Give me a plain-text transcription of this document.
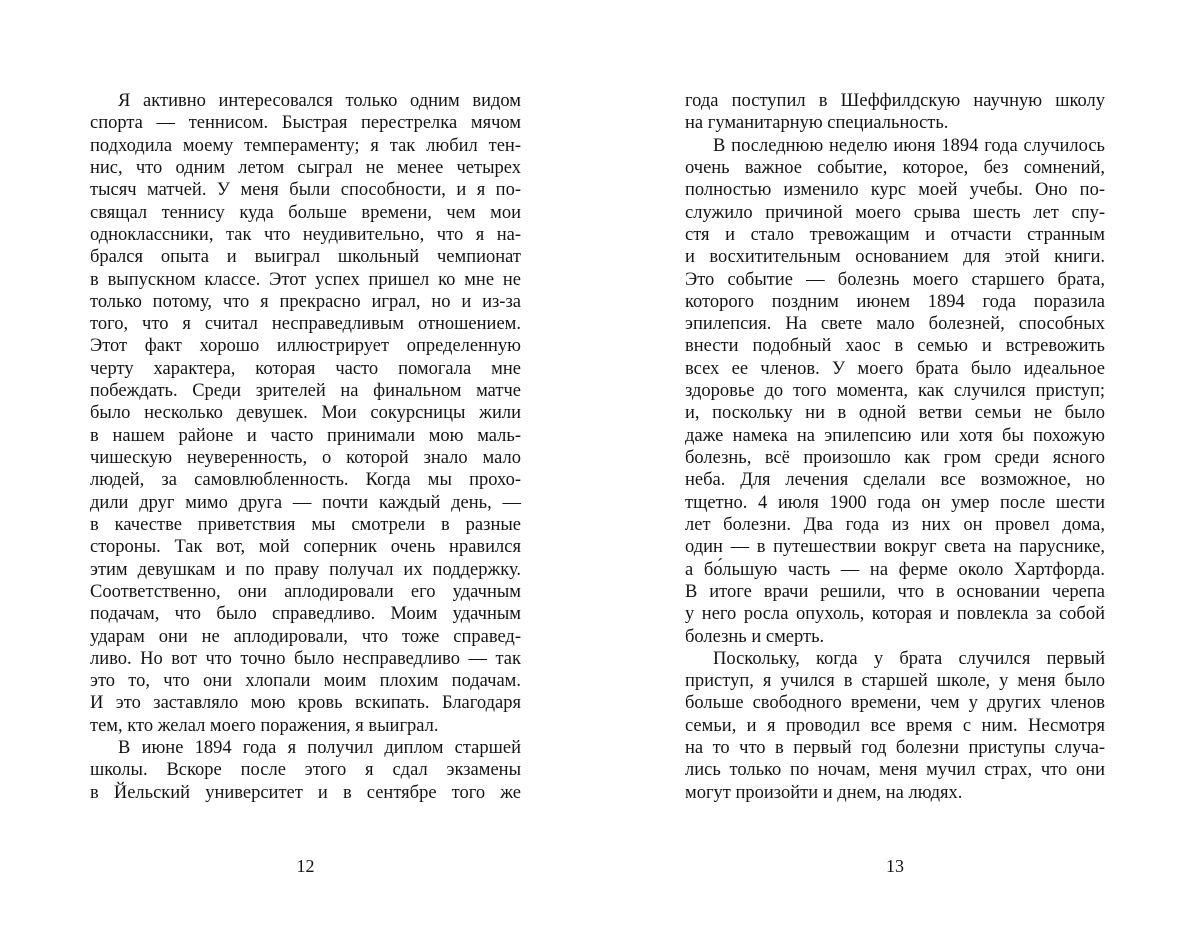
Я активно интересовался только одним видом
спорта — теннисом. Быстрая перестрелка мячом
подходила моему темпераменту; я так любил тен-
нис, что одним летом сыграл не менее четырех
тысяч матчей. У меня были способности, и я по-
свящал теннису куда больше времени, чем мои
одноклассники, так что неудивительно, что я на-
брался опыта и выиграл школьный чемпионат
в выпускном классе. Этот успех пришел ко мне не
только потому, что я прекрасно играл, но и из-за
того, что я считал несправедливым отношением.
Этот факт хорошо иллюстрирует определенную
черту характера, которая часто помогала мне
побеждать. Среди зрителей на финальном матче
было несколько девушек. Мои сокурсницы жили
в нашем районе и часто принимали мою маль-
чишескую неуверенность, о которой знало мало
людей, за самовлюбленность. Когда мы прохо-
дили друг мимо друга — почти каждый день, —
в качестве приветствия мы смотрели в разные
стороны. Так вот, мой соперник очень нравился
этим девушкам и по праву получал их поддержку.
Соответственно, они аплодировали его удачным
подачам, что было справедливо. Моим удачным
ударам они не аплодировали, что тоже справед-
ливо. Но вот что точно было несправедливо — так
это то, что они хлопали моим плохим подачам.
И это заставляло мою кровь вскипать. Благодаря
тем, кто желал моего поражения, я выиграл.
В июне 1894 года я получил диплом старшей
школы. Вскоре после этого я сдал экзамены
в Йельский университет и в сентябре того же
12
года поступил в Шеффилдскую научную школу
на гуманитарную специальность.
В последнюю неделю июня 1894 года случилось
очень важное событие, которое, без сомнений,
полностью изменило курс моей учебы. Оно по-
служило причиной моего срыва шесть лет спу-
стя и стало тревожащим и отчасти странным
и восхитительным основанием для этой книги.
Это событие — болезнь моего старшего брата,
которого поздним июнем 1894 года поразила
эпилепсия. На свете мало болезней, способных
внести подобный хаос в семью и встревожить
всех ее членов. У моего брата было идеальное
здоровье до того момента, как случился приступ;
и, поскольку ни в одной ветви семьи не было
даже намека на эпилепсию или хотя бы похожую
болезнь, всё произошло как гром среди ясного
неба. Для лечения сделали все возможное, но
тщетно. 4 июля 1900 года он умер после шести
лет болезни. Два года из них он провел дома,
один — в путешествии вокруг света на паруснике,
а бо́льшую часть — на ферме около Хартфорда.
В итоге врачи решили, что в основании черепа
у него росла опухоль, которая и повлекла за собой
болезнь и смерть.
Поскольку, когда у брата случился первый
приступ, я учился в старшей школе, у меня было
больше свободного времени, чем у других членов
семьи, и я проводил все время с ним. Несмотря
на то что в первый год болезни приступы случа-
лись только по ночам, меня мучил страх, что они
могут произойти и днем, на людях.
13
